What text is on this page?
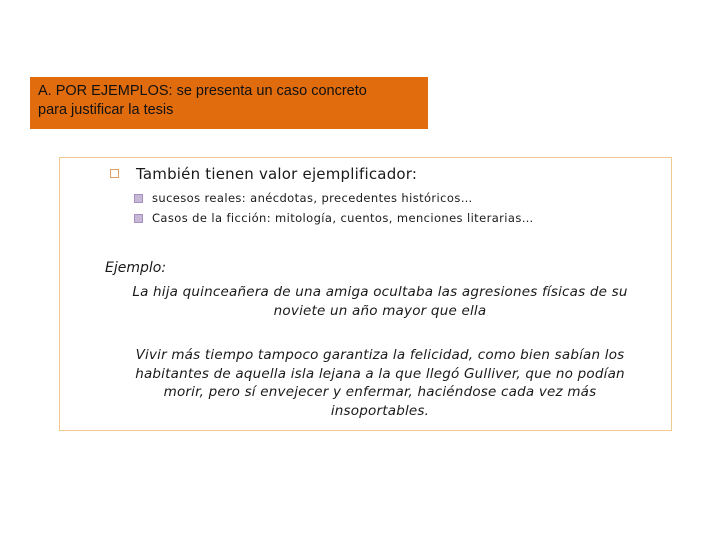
A. POR EJEMPLOS: se presenta un caso concreto
para justificar la tesis

También tienen valor ejemplificador:
sucesos reales: anécdotas, precedentes históricos…
Casos de la ficción: mitología, cuentos, menciones literarias…
Ejemplo:

La hija quinceañera de una amiga ocultaba las agresiones físicas de su
noviete un año mayor que ella

Vivir más tiempo tampoco garantiza la felicidad, como bien sabían los
habitantes de aquella isla lejana a la que llegó Gulliver, que no podían
morir, pero sí envejecer y enfermar, haciéndose cada vez más
insoportables.
